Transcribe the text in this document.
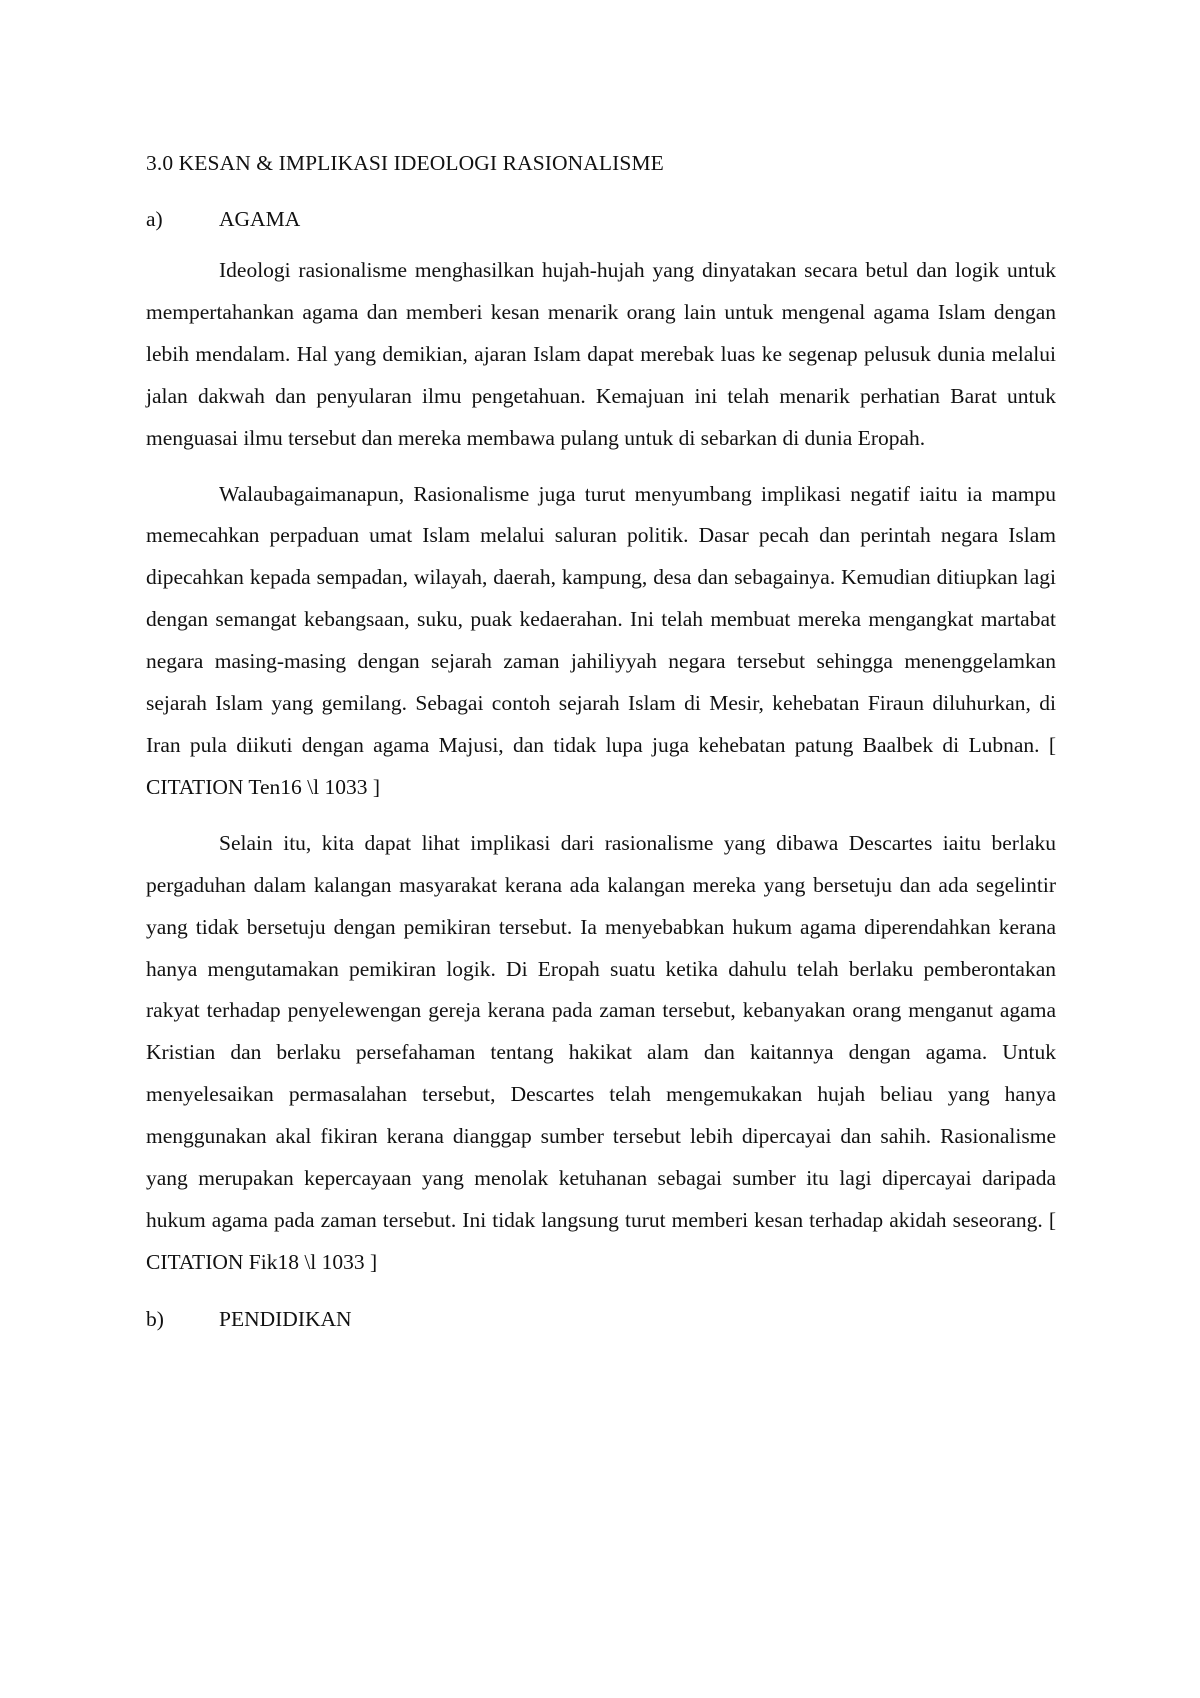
3.0 KESAN & IMPLIKASI IDEOLOGI RASIONALISME
a)	AGAMA

Ideologi rasionalisme menghasilkan hujah-hujah yang dinyatakan secara betul dan logik untuk mempertahankan agama dan memberi kesan menarik orang lain untuk mengenal agama Islam dengan lebih mendalam. Hal yang demikian, ajaran Islam dapat merebak luas ke segenap pelusuk dunia melalui jalan dakwah dan penyularan ilmu pengetahuan. Kemajuan ini telah menarik perhatian Barat untuk menguasai ilmu tersebut dan mereka membawa pulang untuk di sebarkan di dunia Eropah.

Walaubagaimanapun, Rasionalisme juga turut menyumbang implikasi negatif iaitu ia mampu memecahkan perpaduan umat Islam melalui saluran politik. Dasar pecah dan perintah negara Islam dipecahkan kepada sempadan, wilayah, daerah, kampung, desa dan sebagainya. Kemudian ditiupkan lagi dengan semangat kebangsaan, suku, puak kedaerahan. Ini telah membuat mereka mengangkat martabat negara masing-masing dengan sejarah zaman jahiliyyah negara tersebut sehingga menenggelamkan sejarah Islam yang gemilang. Sebagai contoh sejarah Islam di Mesir, kehebatan Firaun diluhurkan, di Iran pula diikuti dengan agama Majusi, dan tidak lupa juga kehebatan patung Baalbek di Lubnan. [ CITATION Ten16 \l 1033 ]

Selain itu, kita dapat lihat implikasi dari rasionalisme yang dibawa Descartes iaitu berlaku pergaduhan dalam kalangan masyarakat kerana ada kalangan mereka yang bersetuju dan ada segelintir yang tidak bersetuju dengan pemikiran tersebut. Ia menyebabkan hukum agama diperendahkan kerana hanya mengutamakan pemikiran logik. Di Eropah suatu ketika dahulu telah berlaku pemberontakan rakyat terhadap penyelewengan gereja kerana pada zaman tersebut, kebanyakan orang menganut agama Kristian dan berlaku persefahaman tentang hakikat alam dan kaitannya dengan agama. Untuk menyelesaikan permasalahan tersebut, Descartes telah mengemukakan hujah beliau yang hanya menggunakan akal fikiran kerana dianggap sumber tersebut lebih dipercayai dan sahih. Rasionalisme yang merupakan kepercayaan yang menolak ketuhanan sebagai sumber itu lagi dipercayai daripada hukum agama pada zaman tersebut. Ini tidak langsung turut memberi kesan terhadap akidah seseorang. [ CITATION Fik18 \l 1033 ]

b)	PENDIDIKAN
